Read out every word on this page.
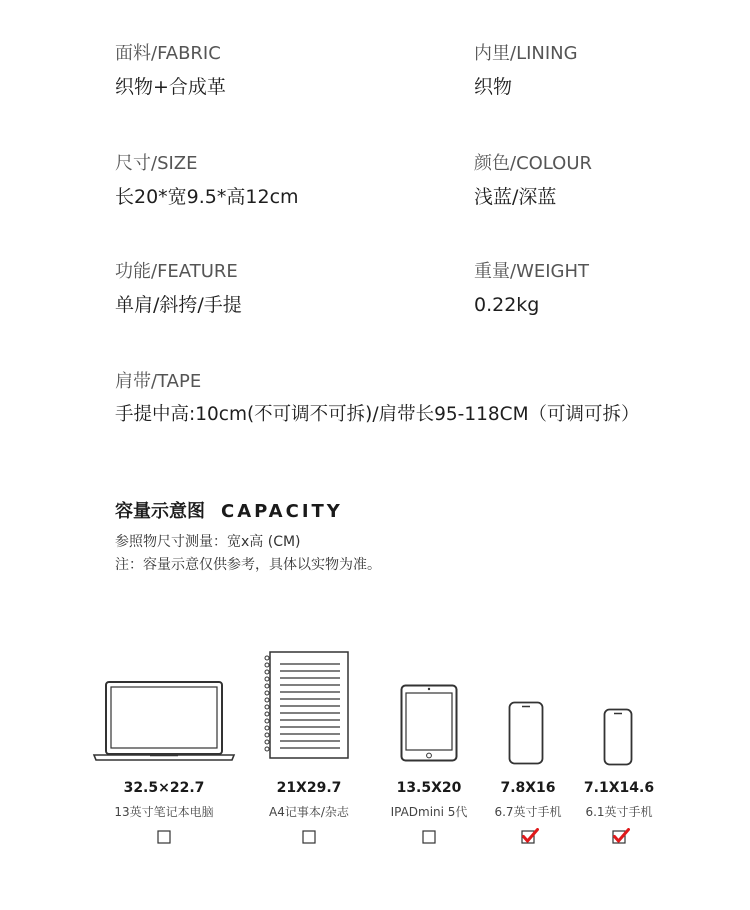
面料/FABRIC
织物+合成革
内里/LINING
织物
尺寸/SIZE
长20*宽9.5*高12cm
颜色/COLOUR
浅蓝/深蓝
功能/FEATURE
单肩/斜挎/手提
重量/WEIGHT
0.22kg
肩带/TAPE
手提中高:10cm(不可调不可拆)/肩带长95-118CM（可调可拆）
容量示意图 CAPACITY
参照物尺寸测量：宽x高 (CM)
注：容量示意仅供参考，具体以实物为准。
32.5×22.7
13英寸笔记本电脑
21X29.7
A4记事本/杂志
13.5X20
IPADmini 5代
7.8X16
6.7英寸手机
7.1X14.6
6.1英寸手机
